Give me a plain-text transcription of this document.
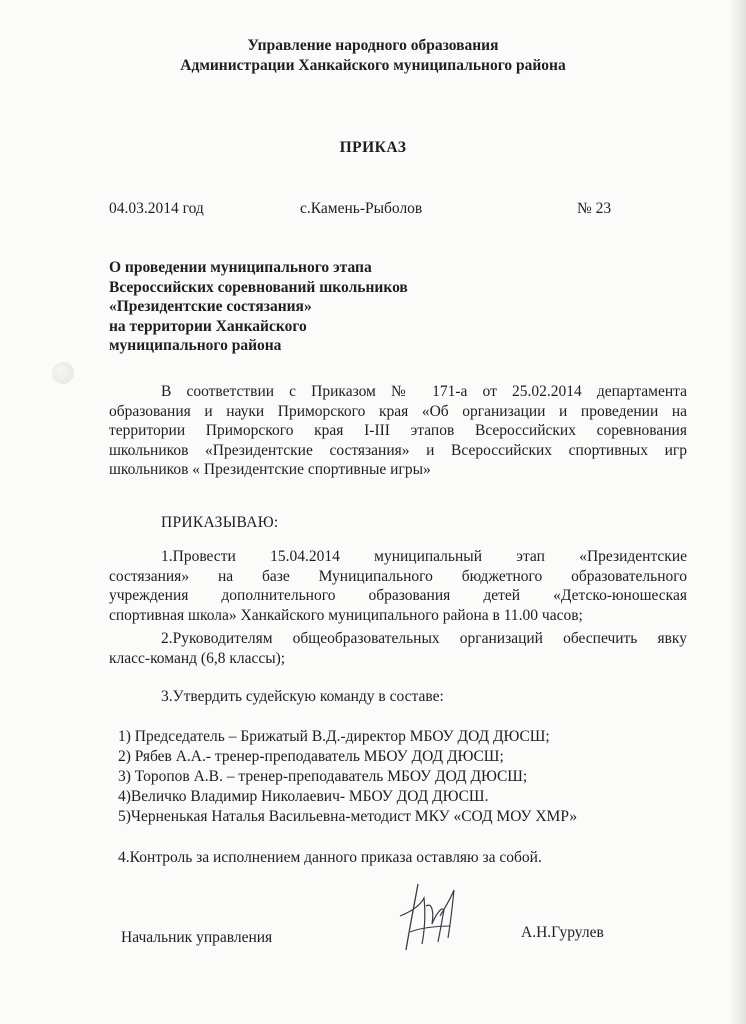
Управление народного образования
Администрации Ханкайского муниципального района
ПРИКАЗ
04.03.2014 год	с.Камень-Рыболов	№ 23
О проведении муниципального этапа
Всероссийских соревнований школьников
«Президентские состязания»
на территории Ханкайского
муниципального района
В соответствии с Приказом № 171-а от 25.02.2014 департамента
образования и науки Приморского края «Об организации и проведении на
территории Приморского края I-III этапов Всероссийских соревнования
школьников «Президентские состязания» и Всероссийских спортивных игр
школьников « Президентские спортивные игры»
ПРИКАЗЫВАЮ:
1.Провести 15.04.2014 муниципальный этап «Президентские
состязания» на базе Муниципального бюджетного образовательного
учреждения дополнительного образования детей «Детско-юношеская
спортивная школа» Ханкайского муниципального района в 11.00 часов;
2.Руководителям общеобразовательных организаций обеспечить явку
класс-команд (6,8 классы);
3.Утвердить судейскую команду в составе:
1) Председатель – Брижатый В.Д.-директор МБОУ ДОД ДЮСШ;
2) Рябев А.А.- тренер-преподаватель МБОУ ДОД ДЮСШ;
3) Торопов А.В. – тренер-преподаватель МБОУ ДОД ДЮСШ;
4)Величко Владимир Николаевич- МБОУ ДОД ДЮСШ.
5)Черненькая Наталья Васильевна-методист МКУ «СОД МОУ ХМР»
4.Контроль за исполнением данного приказа оставляю за собой.
Начальник управления	А.Н.Гурулев
